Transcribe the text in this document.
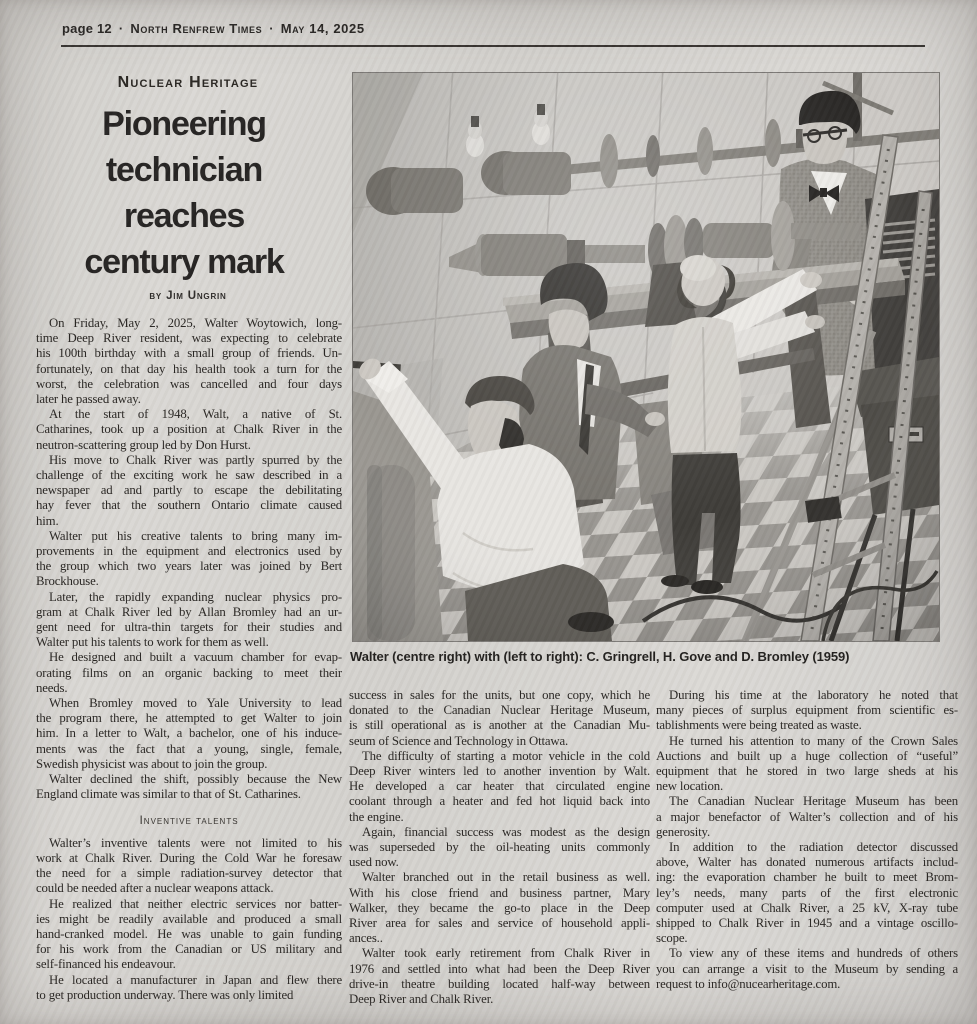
page 12 · North Renfrew Times · May 14, 2025
Nuclear Heritage
Pioneering
technician
reaches
century mark
by Jim Ungrin
On Friday, May 2, 2025, Walter Woytowich, long-
time Deep River resident, was expecting to celebrate
his 100th birthday with a small group of friends. Un-
fortunately, on that day his health took a turn for the
worst, the celebration was cancelled and four days
later he passed away.
At the start of 1948, Walt, a native of St.
Catharines, took up a position at Chalk River in the
neutron-scattering group led by Don Hurst.
His move to Chalk River was partly spurred by the
challenge of the exciting work he saw described in a
newspaper ad and partly to escape the debilitating
hay fever that the southern Ontario climate caused
him.
Walter put his creative talents to bring many im-
provements in the equipment and electronics used by
the group which two years later was joined by Bert
Brockhouse.
Later, the rapidly expanding nuclear physics pro-
gram at Chalk River led by Allan Bromley had an ur-
gent need for ultra-thin targets for their studies and
Walter put his talents to work for them as well.
He designed and built a vacuum chamber for evap-
orating films on an organic backing to meet their
needs.
When Bromley moved to Yale University to lead
the program there, he attempted to get Walter to join
him. In a letter to Walt, a bachelor, one of his induce-
ments was the fact that a young, single, female,
Swedish physicist was about to join the group.
Walter declined the shift, possibly because the New
England climate was similar to that of St. Catharines.
Inventive talents
Walter’s inventive talents were not limited to his
work at Chalk River. During the Cold War he foresaw
the need for a simple radiation-survey detector that
could be needed after a nuclear weapons attack.
He realized that neither electric services nor batter-
ies might be readily available and produced a small
hand-cranked model. He was unable to gain funding
for his work from the Canadian or US military and
self-financed his endeavour.
He located a manufacturer in Japan and flew there
to get production underway. There was only limited
Walter (centre right) with (left to right): C. Gringrell, H. Gove and D. Bromley (1959)
success in sales for the units, but one copy, which he
donated to the Canadian Nuclear Heritage Museum,
is still operational as is another at the Canadian Mu-
seum of Science and Technology in Ottawa.
The difficulty of starting a motor vehicle in the cold
Deep River winters led to another invention by Walt.
He developed a car heater that circulated engine
coolant through a heater and fed hot liquid back into
the engine.
Again, financial success was modest as the design
was superseded by the oil-heating units commonly
used now.
Walter branched out in the retail business as well.
With his close friend and business partner, Mary
Walker, they became the go-to place in the Deep
River area for sales and service of household appli-
ances..
Walter took early retirement from Chalk River in
1976 and settled into what had been the Deep River
drive-in theatre building located half-way between
Deep River and Chalk River.
During his time at the laboratory he noted that
many pieces of surplus equipment from scientific es-
tablishments were being treated as waste.
He turned his attention to many of the Crown Sales
Auctions and built up a huge collection of “useful”
equipment that he stored in two large sheds at his
new location.
The Canadian Nuclear Heritage Museum has been
a major benefactor of Walter’s collection and of his
generosity.
In addition to the radiation detector discussed
above, Walter has donated numerous artifacts includ-
ing: the evaporation chamber he built to meet Brom-
ley’s needs, many parts of the first electronic
computer used at Chalk River, a 25 kV, X-ray tube
shipped to Chalk River in 1945 and a vintage oscillo-
scope.
To view any of these items and hundreds of others
you can arrange a visit to the Museum by sending a
request to info@nucearheritage.com.
